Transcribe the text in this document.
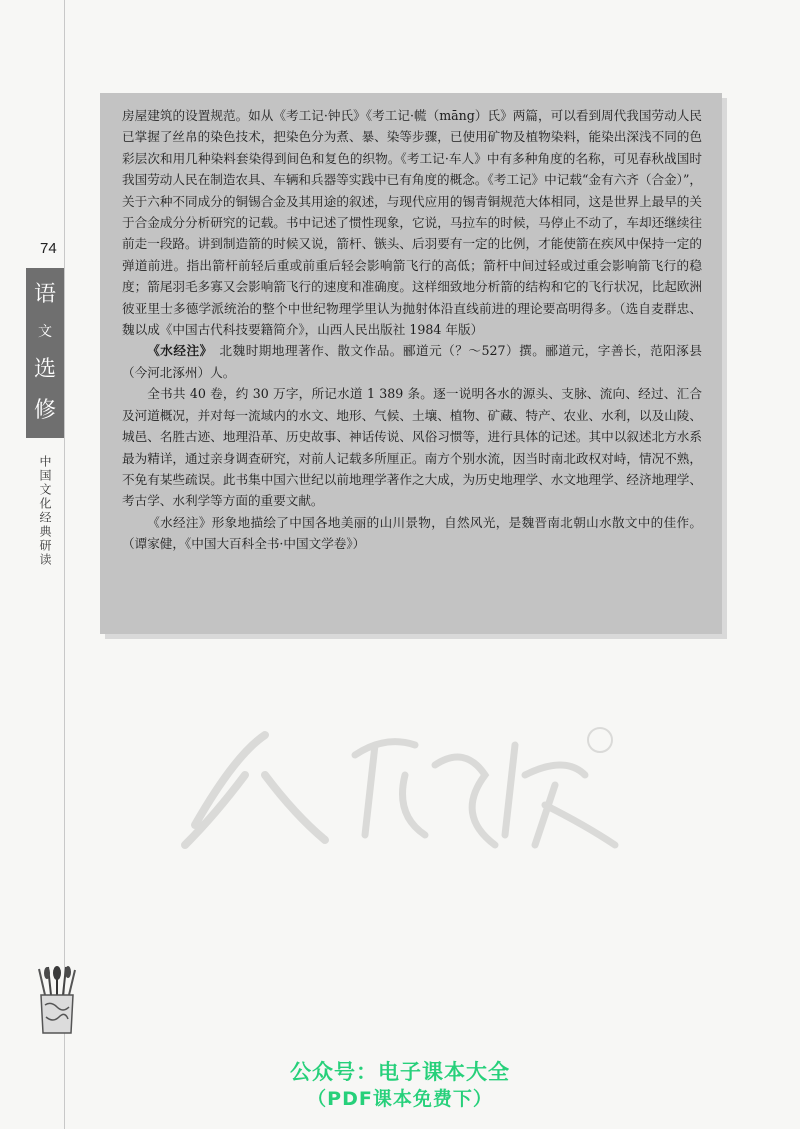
74
语
文
选
修
中国文化经典研读

房屋建筑的设置规范。如从《考工记·钟氏》《考工记·㡛（māng）氏》两篇，可以看到周代我国劳动人民已掌握了丝帛的染色技术，把染色分为煮、暴、染等步骤，已使用矿物及植物染料，能染出深浅不同的色彩层次和用几种染料套染得到间色和复色的织物。《考工记·车人》中有多种角度的名称，可见春秋战国时我国劳动人民在制造农具、车辆和兵器等实践中已有角度的概念。《考工记》中记载“金有六齐（合金）”，关于六种不同成分的铜锡合金及其用途的叙述，与现代应用的锡青铜规范大体相同，这是世界上最早的关于合金成分分析研究的记载。书中记述了惯性现象，它说，马拉车的时候，马停止不动了，车却还继续往前走一段路。讲到制造箭的时候又说，箭杆、镞头、后羽要有一定的比例，才能使箭在疾风中保持一定的弹道前进。指出箭杆前轻后重或前重后轻会影响箭飞行的高低；箭杆中间过轻或过重会影响箭飞行的稳度；箭尾羽毛多寡又会影响箭飞行的速度和准确度。这样细致地分析箭的结构和它的飞行状况，比起欧洲彼亚里士多德学派统治的整个中世纪物理学里认为抛射体沿直线前进的理论要高明得多。（选自麦群忠、魏以成《中国古代科技要籍简介》，山西人民出版社 1984 年版）

《水经注》　 北魏时期地理著作、散文作品。郦道元（？～527）撰。郦道元，字善长，范阳涿县（今河北涿州）人。

全书共 40 卷，约 30 万字，所记水道 1 389 条。逐一说明各水的源头、支脉、流向、经过、汇合及河道概况，并对每一流域内的水文、地形、气候、土壤、植物、矿藏、特产、农业、水利，以及山陵、城邑、名胜古迹、地理沿革、历史故事、神话传说、风俗习惯等，进行具体的记述。其中以叙述北方水系最为精详，通过亲身调查研究，对前人记载多所厘正。南方个别水流，因当时南北政权对峙，情况不熟，不免有某些疏误。此书集中国六世纪以前地理学著作之大成，为历史地理学、水文地理学、经济地理学、考古学、水利学等方面的重要文献。

《水经注》形象地描绘了中国各地美丽的山川景物，自然风光，是魏晋南北朝山水散文中的佳作。（谭家健，《中国大百科全书·中国文学卷》）

公众号：电子课本大全
（PDF课本免费下）
